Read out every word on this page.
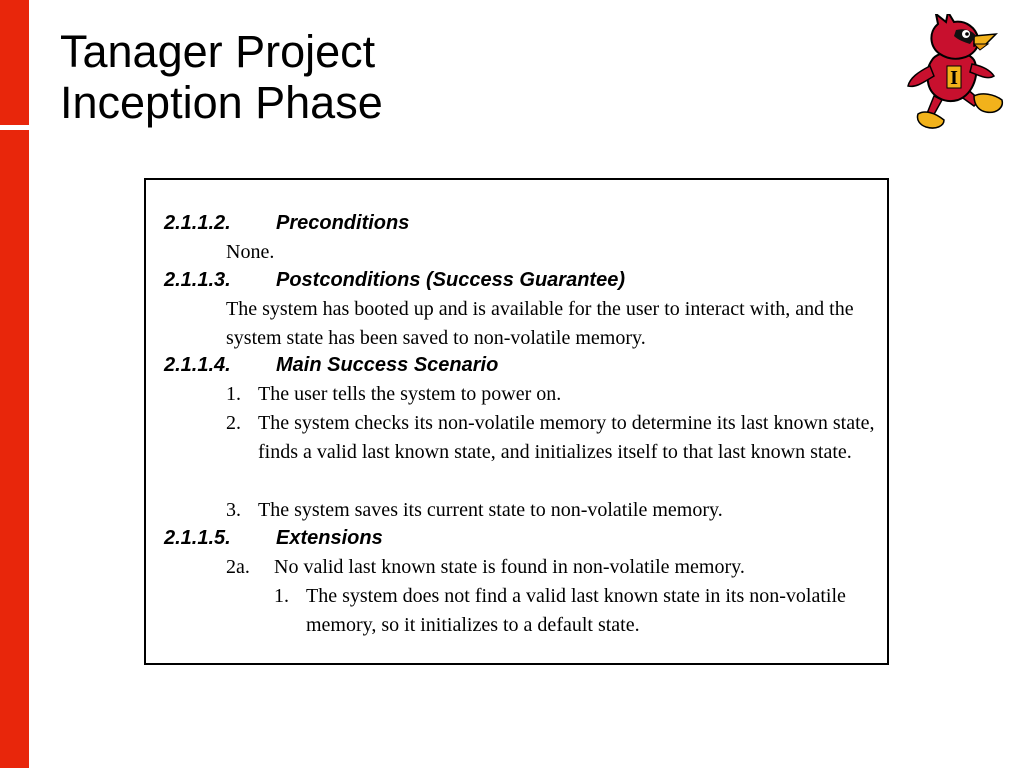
Tanager Project
Inception Phase	I
2.1.1.2. Preconditions

None.

2.1.1.3. Postconditions (Success Guarantee)

The system has booted up and is available for the user to interact with, and the system state has been saved to non-volatile memory.

2.1.1.4. Main Success Scenario
1. The user tells the system to power on.
2. The system checks its non-volatile memory to determine its last known state, finds a valid last known state, and initializes itself to that last known state.
3. The system saves its current state to non-volatile memory.
2.1.1.5. Extensions
2a. No valid last known state is found in non-volatile memory.
1. The system does not find a valid last known state in its non-volatile memory, so it initializes to a default state.
